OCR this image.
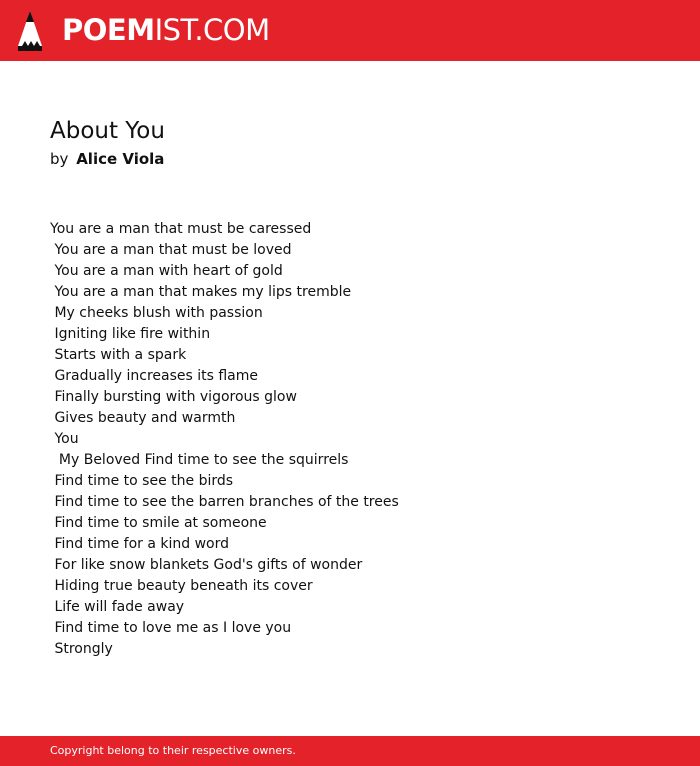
POEMIST.COM
About You
by Alice Viola
You are a man that must be caressed
You are a man that must be loved
You are a man with heart of gold
You are a man that makes my lips tremble
My cheeks blush with passion
Igniting like fire within
Starts with a spark
Gradually increases its flame
Finally bursting with vigorous glow
Gives beauty and warmth
You
My Beloved Find time to see the squirrels
Find time to see the birds
Find time to see the barren branches of the trees
Find time to smile at someone
Find time for a kind word
For like snow blankets God's gifts of wonder
Hiding true beauty beneath its cover
Life will fade away
Find time to love me as I love you
Strongly
Copyright belong to their respective owners.
